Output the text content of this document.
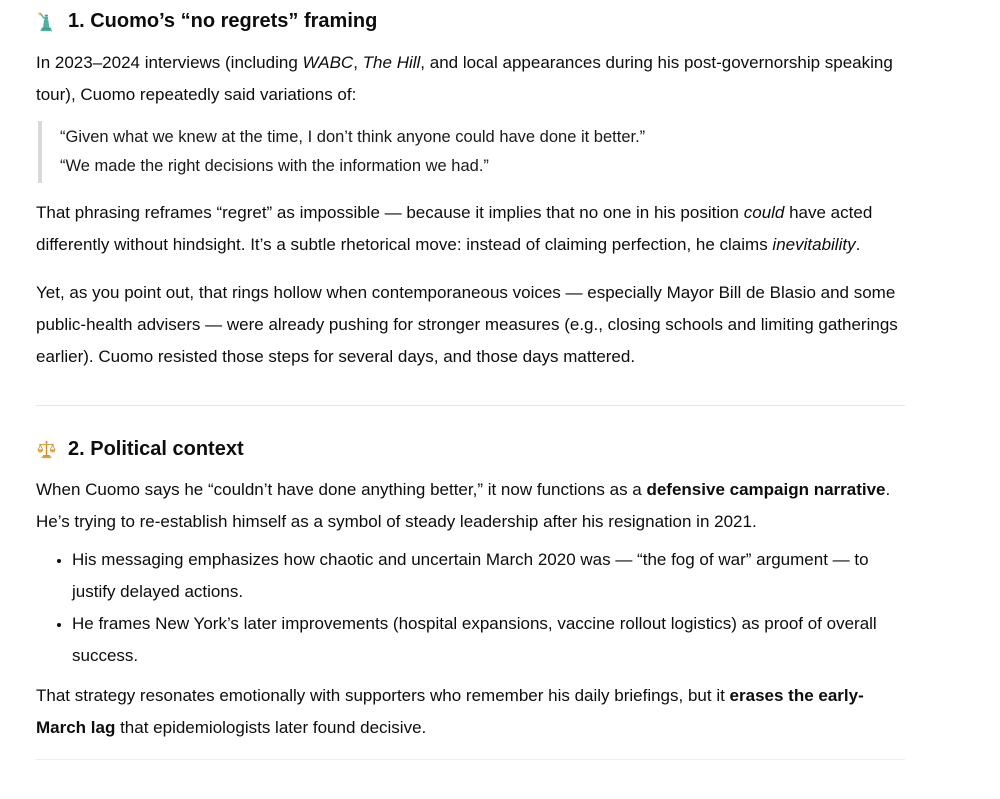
1. Cuomo’s “no regrets” framing

In 2023–2024 interviews (including WABC, The Hill, and local appearances during his post-governorship speaking tour), Cuomo repeatedly said variations of:

“Given what we knew at the time, I don’t think anyone could have done it better.”
“We made the right decisions with the information we had.”

That phrasing reframes “regret” as impossible — because it implies that no one in his position could have acted differently without hindsight. It’s a subtle rhetorical move: instead of claiming perfection, he claims inevitability.

Yet, as you point out, that rings hollow when contemporaneous voices — especially Mayor Bill de Blasio and some public-health advisers — were already pushing for stronger measures (e.g., closing schools and limiting gatherings earlier). Cuomo resisted those steps for several days, and those days mattered.

2. Political context

When Cuomo says he “couldn’t have done anything better,” it now functions as a defensive campaign narrative. He’s trying to re-establish himself as a symbol of steady leadership after his resignation in 2021.

• His messaging emphasizes how chaotic and uncertain March 2020 was — “the fog of war” argument — to justify delayed actions.
• He frames New York’s later improvements (hospital expansions, vaccine rollout logistics) as proof of overall success.

That strategy resonates emotionally with supporters who remember his daily briefings, but it erases the early-March lag that epidemiologists later found decisive.
